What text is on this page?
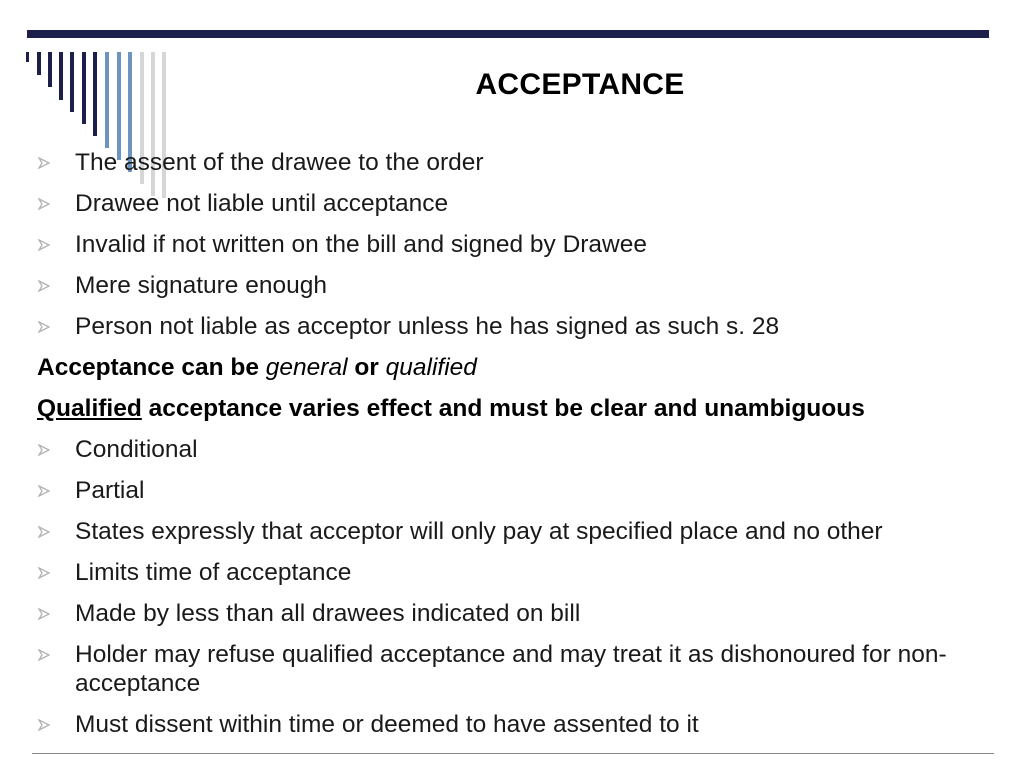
ACCEPTANCE
The assent of the drawee to the order
Drawee not liable until acceptance
Invalid if not written on the bill and signed by Drawee
Mere signature enough
Person not liable as acceptor unless he has signed as such s. 28
Acceptance can be general or qualified
Qualified acceptance varies effect and must be clear and unambiguous
Conditional
Partial
States expressly that acceptor will only pay at specified place and no other
Limits time of acceptance
Made by less than all drawees indicated on bill
Holder may refuse qualified acceptance and may treat it as dishonoured for non-acceptance
Must dissent within time or deemed to have assented to it
